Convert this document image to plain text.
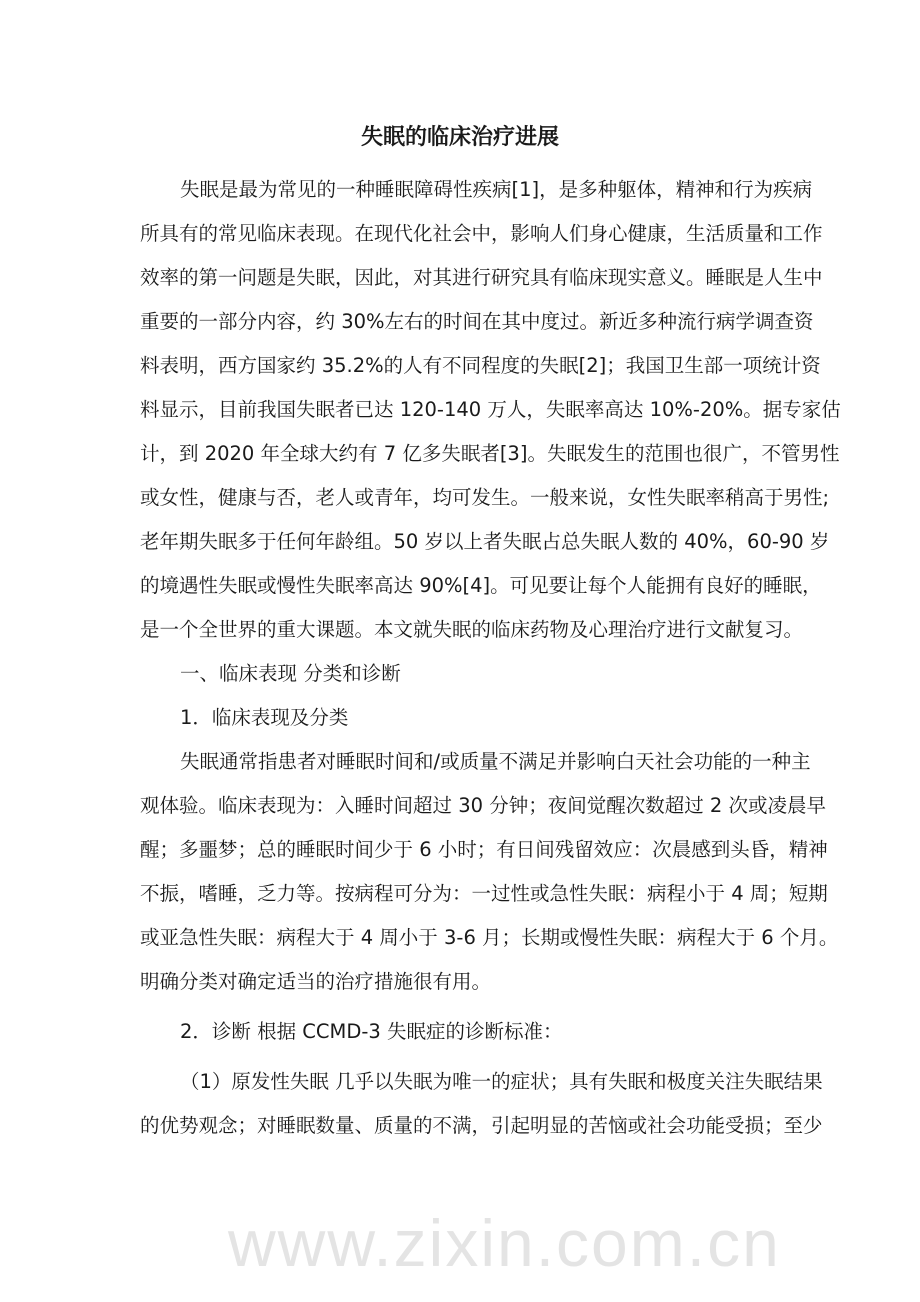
www.zixin.com.cn
失眠的临床治疗进展
失眠是最为常见的一种睡眠障碍性疾病[1]，是多种躯体，精神和行为疾病
所具有的常见临床表现。在现代化社会中，影响人们身心健康，生活质量和工作
效率的第一问题是失眠，因此，对其进行研究具有临床现实意义。睡眠是人生中
重要的一部分内容，约 30%左右的时间在其中度过。新近多种流行病学调查资
料表明，西方国家约 35.2%的人有不同程度的失眠[2]；我国卫生部一项统计资
料显示，目前我国失眠者已达 120-140 万人，失眠率高达 10%-20%。据专家估
计，到 2020 年全球大约有 7 亿多失眠者[3]。失眠发生的范围也很广，不管男性
或女性，健康与否，老人或青年，均可发生。一般来说，女性失眠率稍高于男性;
老年期失眠多于任何年龄组。50 岁以上者失眠占总失眠人数的 40%，60-90 岁
的境遇性失眠或慢性失眠率高达 90%[4]。可见要让每个人能拥有良好的睡眠，
是一个全世界的重大课题。本文就失眠的临床药物及心理治疗进行文献复习。
一、临床表现 分类和诊断
1．临床表现及分类
失眠通常指患者对睡眠时间和/或质量不满足并影响白天社会功能的一种主
观体验。临床表现为：入睡时间超过 30 分钟；夜间觉醒次数超过 2 次或凌晨早
醒；多噩梦；总的睡眠时间少于 6 小时；有日间残留效应：次晨感到头昏，精神
不振，嗜睡，乏力等。按病程可分为：一过性或急性失眠：病程小于 4 周；短期
或亚急性失眠：病程大于 4 周小于 3-6 月；长期或慢性失眠：病程大于 6 个月。
明确分类对确定适当的治疗措施很有用。
2．诊断 根据 CCMD-3 失眠症的诊断标准：
（1）原发性失眠 几乎以失眠为唯一的症状；具有失眠和极度关注失眠结果
的优势观念；对睡眠数量、质量的不满，引起明显的苦恼或社会功能受损；至少
